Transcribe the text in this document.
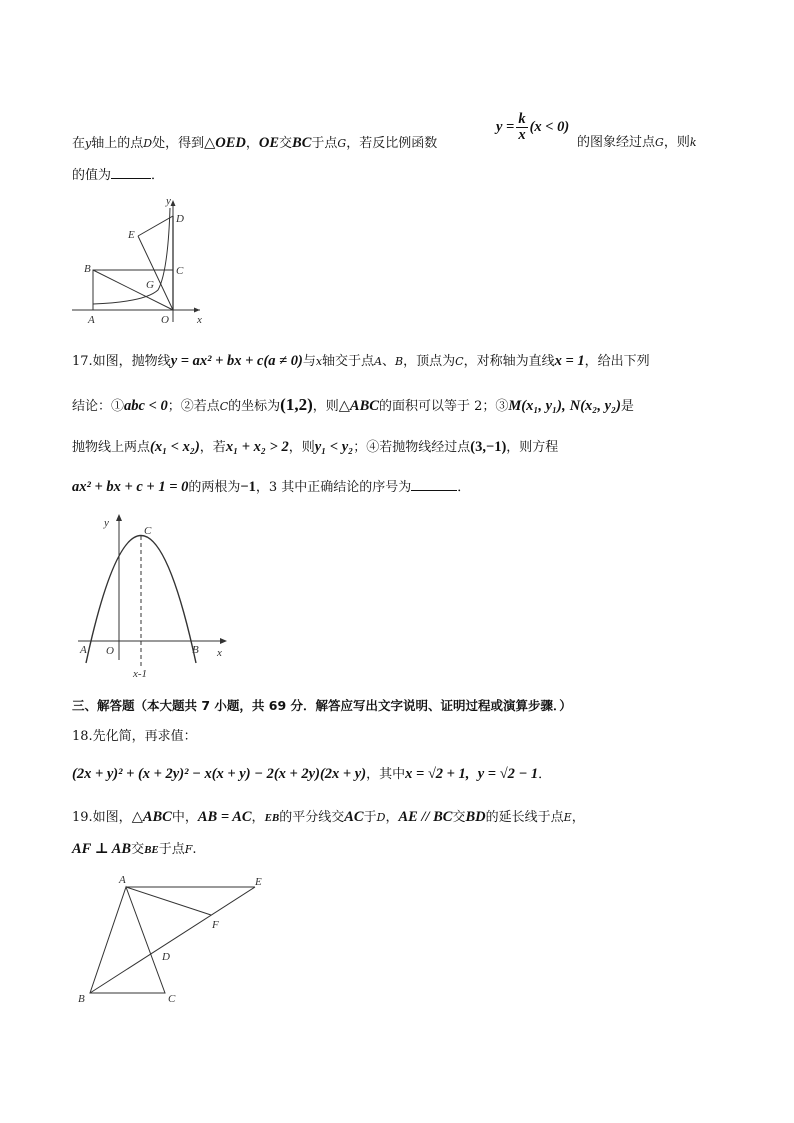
在y轴上的点D处，得到△OED，OE交BC于点G，若反比例函数
$y = \frac{k}{x} (x < 0)$
的图象经过点G，则k
的值为	．
y
D
E
B	C
G
A	O	x
17.如图，抛物线y = ax² + bx + c(a ≠ 0)与x轴交于点A、B，顶点为C，对称轴为直线x = 1，给出下列
结论：①abc < 0；②若点C的坐标为(1,2)，则△ABC的面积可以等于 2；③M(x₁, y₁), N(x₂, y₂)是
抛物线上两点(x₁ < x₂)，若x₁ + x₂ > 2，则y₁ < y₂；④若抛物线经过点(3,−1)，则方程
ax² + bx + c + 1 = 0的两根为−1，3 其中正确结论的序号为	．
y
C
A O	B x
x-1
三、解答题（本大题共 7 小题，共 69 分．解答应写出文字说明、证明过程或演算步骤．）
18.先化简，再求值：
(2x + y)² + (x + 2y)² − x(x + y) − 2(x + 2y)(2x + y)，其中x = √2 + 1, y = √2 − 1．
19.如图，△ABC中，AB = AC，EB的平分线交AC于D，AE // BC交BD的延长线于点E，
AF ⊥ AB交BE于点F.
A	E
F
D
B	C
